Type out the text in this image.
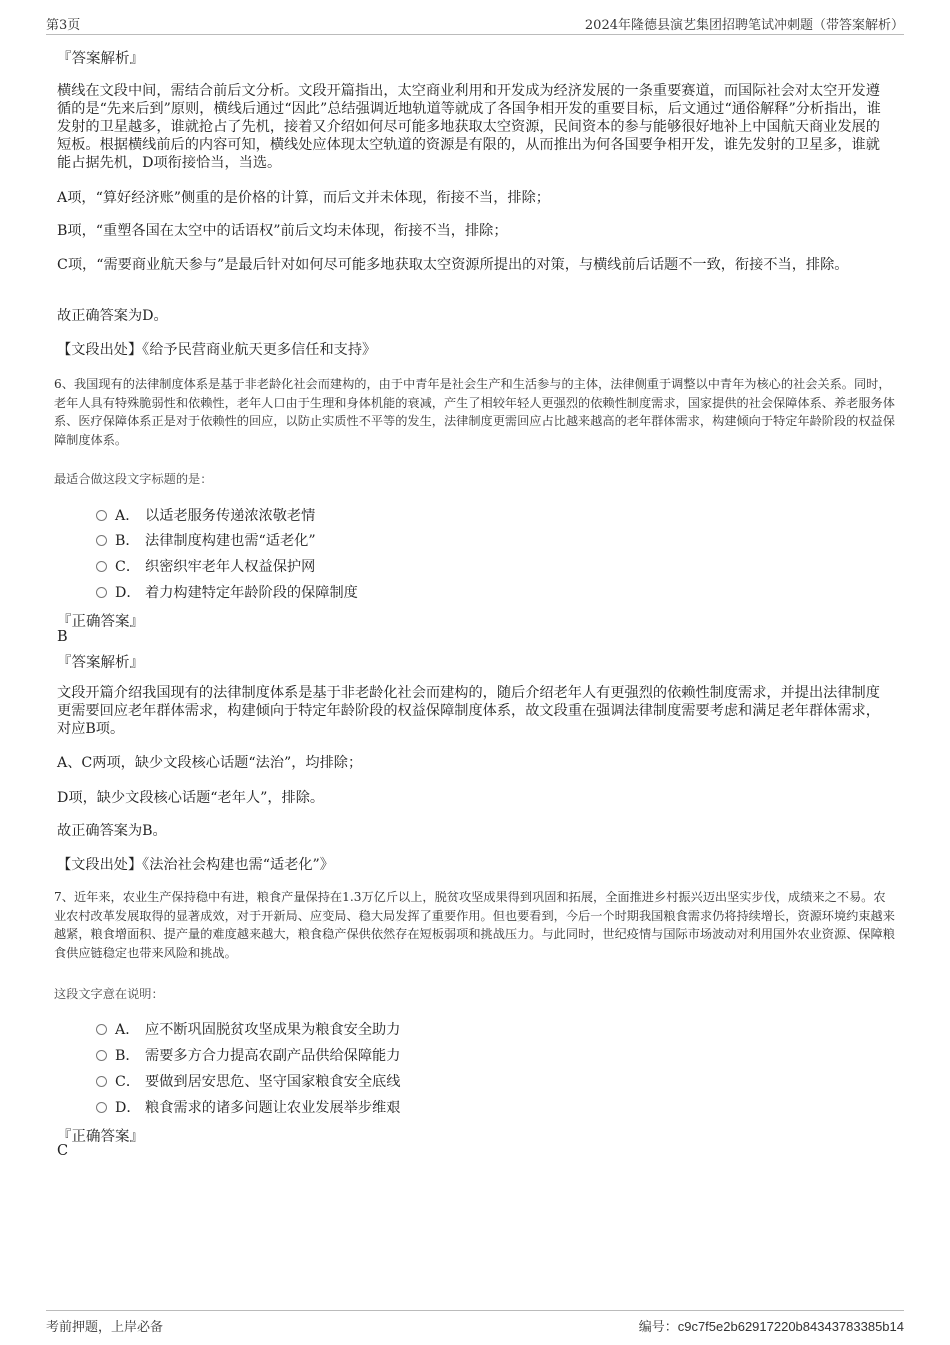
第3页	2024年隆德县演艺集团招聘笔试冲刺题（带答案解析）
『答案解析』
横线在文段中间，需结合前后文分析。文段开篇指出，太空商业利用和开发成为经济发展的一条重要赛道，而国际社会对太空开发遵循的是“先来后到”原则，横线后通过“因此”总结强调近地轨道等就成了各国争相开发的重要目标，后文通过“通俗解释”分析指出，谁发射的卫星越多，谁就抢占了先机，接着又介绍如何尽可能多地获取太空资源，民间资本的参与能够很好地补上中国航天商业发展的短板。根据横线前后的内容可知，横线处应体现太空轨道的资源是有限的，从而推出为何各国要争相开发，谁先发射的卫星多，谁就能占据先机，D项衔接恰当，当选。
A项，“算好经济账”侧重的是价格的计算，而后文并未体现，衔接不当，排除；
B项，“重塑各国在太空中的话语权”前后文均未体现，衔接不当，排除；
C项，“需要商业航天参与”是最后针对如何尽可能多地获取太空资源所提出的对策，与横线前后话题不一致，衔接不当，排除。
故正确答案为D。
【文段出处】《给予民营商业航天更多信任和支持》
6、我国现有的法律制度体系是基于非老龄化社会而建构的，由于中青年是社会生产和生活参与的主体，法律侧重于调整以中青年为核心的社会关系。同时，老年人具有特殊脆弱性和依赖性，老年人口由于生理和身体机能的衰减，产生了相较年轻人更强烈的依赖性制度需求，国家提供的社会保障体系、养老服务体系、医疗保障体系正是对于依赖性的回应，以防止实质性不平等的发生，法律制度更需回应占比越来越高的老年群体需求，构建倾向于特定年龄阶段的权益保障制度体系。
最适合做这段文字标题的是：
A． 以适老服务传递浓浓敬老情
B． 法律制度构建也需“适老化”
C． 织密织牢老年人权益保护网
D． 着力构建特定年龄阶段的保障制度
『正确答案』
B
『答案解析』
文段开篇介绍我国现有的法律制度体系是基于非老龄化社会而建构的，随后介绍老年人有更强烈的依赖性制度需求，并提出法律制度更需要回应老年群体需求，构建倾向于特定年龄阶段的权益保障制度体系，故文段重在强调法律制度需要考虑和满足老年群体需求，对应B项。
A、C两项，缺少文段核心话题“法治”，均排除；
D项，缺少文段核心话题“老年人”，排除。
故正确答案为B。
【文段出处】《法治社会构建也需“适老化”》
7、近年来，农业生产保持稳中有进，粮食产量保持在1.3万亿斤以上，脱贫攻坚成果得到巩固和拓展，全面推进乡村振兴迈出坚实步伐，成绩来之不易。农业农村改革发展取得的显著成效，对于开新局、应变局、稳大局发挥了重要作用。但也要看到，今后一个时期我国粮食需求仍将持续增长，资源环境约束越来越紧，粮食增面积、提产量的难度越来越大，粮食稳产保供依然存在短板弱项和挑战压力。与此同时，世纪疫情与国际市场波动对利用国外农业资源、保障粮食供应链稳定也带来风险和挑战。
这段文字意在说明：
A． 应不断巩固脱贫攻坚成果为粮食安全助力
B． 需要多方合力提高农副产品供给保障能力
C． 要做到居安思危、坚守国家粮食安全底线
D． 粮食需求的诸多问题让农业发展举步维艰
『正确答案』
C
考前押题，上岸必备	编号：c9c7f5e2b62917220b84343783385b14
